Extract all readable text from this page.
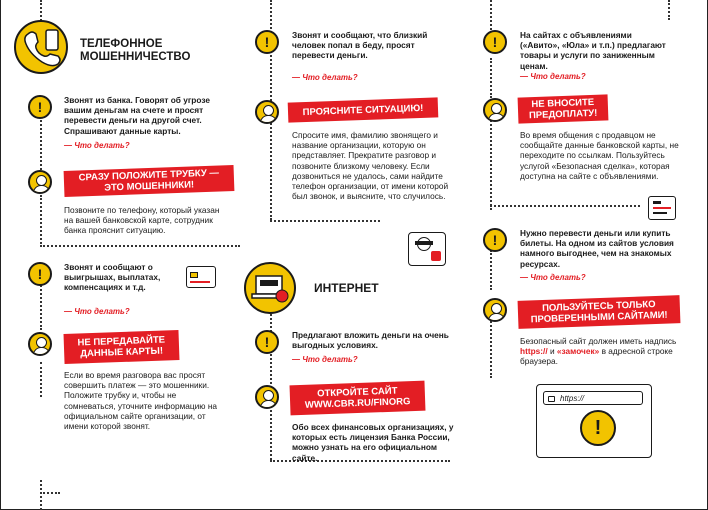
ТЕЛЕФОННОЕ МОШЕННИЧЕСТВО
!	Звонят из банка. Говорят об угрозе вашим деньгам на счете и просят перевести деньги на другой счет. Спрашивают данные карты.
— Что делать?
СРАЗУ ПОЛОЖИТЕ ТРУБКУ — ЭТО МОШЕННИКИ!
Позвоните по телефону, который указан на вашей банковской карте, сотрудник банка прояснит ситуацию.
!	Звонят и сообщают о выигрышах, выплатах, компенсациях и т.д.
— Что делать?
НЕ ПЕРЕДАВАЙТЕ ДАННЫЕ КАРТЫ!
Если во время разговора вас просят совершить платеж — это мошенники. Положите трубку и, чтобы не сомневаться, уточните информацию на официальном сайте организации, от имени которой звонят.
!	Звонят и сообщают, что близкий человек попал в беду, просят перевести деньги.
— Что делать?
ПРОЯСНИТЕ СИТУАЦИЮ!
Спросите имя, фамилию звонящего и название организации, которую он представляет. Прекратите разговор и позвоните близкому человеку. Если дозвониться не удалось, сами найдите телефон организации, от имени которой был звонок, и выясните, что случилось.
ИНТЕРНЕТ
!	Предлагают вложить деньги на очень выгодных условиях.
— Что делать?
ОТКРОЙТЕ САЙТ WWW.CBR.RU/FINORG
Обо всех финансовых организациях, у которых есть лицензия Банка России, можно узнать на его официальном сайте.
!	На сайтах с объявлениями («Авито», «Юла» и т.п.) предлагают товары и услуги по заниженным ценам.
— Что делать?
НЕ ВНОСИТЕ ПРЕДОПЛАТУ!
Во время общения с продавцом не сообщайте данные банковской карты, не переходите по ссылкам. Пользуйтесь услугой «Безопасная сделка», которая доступна на сайте с объявлениями.
!	Нужно перевести деньги или купить билеты. На одном из сайтов условия намного выгоднее, чем на знакомых ресурсах.
— Что делать?
ПОЛЬЗУЙТЕСЬ ТОЛЬКО ПРОВЕРЕННЫМИ САЙТАМИ!
Безопасный сайт должен иметь надпись https:// и «замочек» в адресной строке браузера.
https://
!
